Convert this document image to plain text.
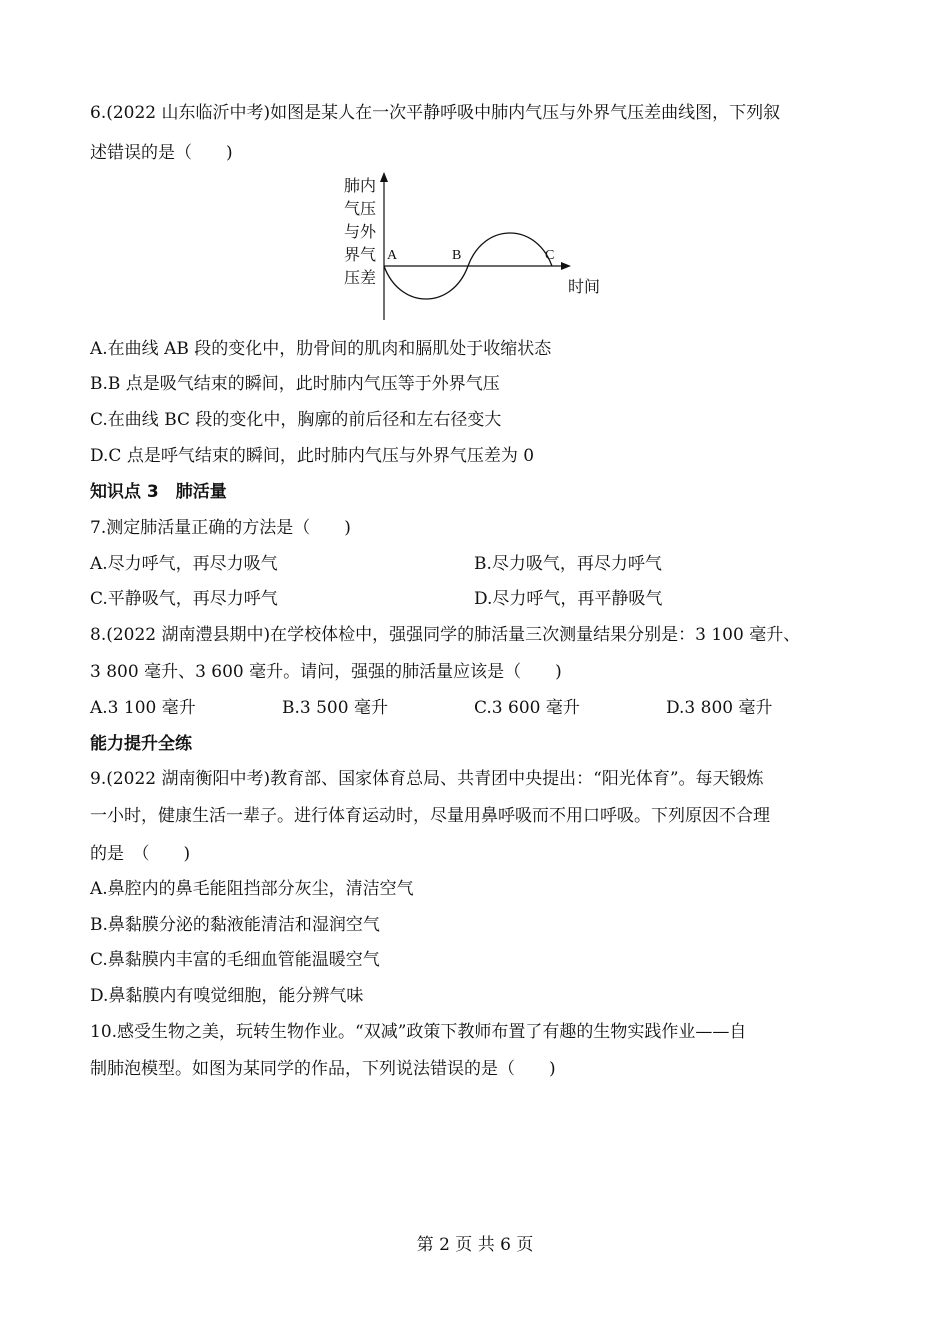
6.(2022 山东临沂中考)如图是某人在一次平静呼吸中肺内气压与外界气压差曲线图，下列叙
述错误的是（　　)
肺内
气压
与外
界气
压差
A	B	C
时间
A.在曲线 AB 段的变化中，肋骨间的肌肉和膈肌处于收缩状态
B.B 点是吸气结束的瞬间，此时肺内气压等于外界气压
C.在曲线 BC 段的变化中，胸廓的前后径和左右径变大
D.C 点是呼气结束的瞬间，此时肺内气压与外界气压差为 0
知识点 3　肺活量
7.测定肺活量正确的方法是（　　)
A.尽力呼气，再尽力吸气	B.尽力吸气，再尽力呼气
C.平静吸气，再尽力呼气	D.尽力呼气，再平静吸气
8.(2022 湖南澧县期中)在学校体检中，强强同学的肺活量三次测量结果分别是：3 100 毫升、
3 800 毫升、3 600 毫升。请问，强强的肺活量应该是（　　)
A.3 100 毫升	B.3 500 毫升	C.3 600 毫升	D.3 800 毫升
能力提升全练
9.(2022 湖南衡阳中考)教育部、国家体育总局、共青团中央提出：“阳光体育”。每天锻炼
一小时，健康生活一辈子。进行体育运动时，尽量用鼻呼吸而不用口呼吸。下列原因不合理
的是　（　　)
A.鼻腔内的鼻毛能阻挡部分灰尘，清洁空气
B.鼻黏膜分泌的黏液能清洁和湿润空气
C.鼻黏膜内丰富的毛细血管能温暖空气
D.鼻黏膜内有嗅觉细胞，能分辨气味
10.感受生物之美，玩转生物作业。“双减”政策下教师布置了有趣的生物实践作业——自
制肺泡模型。如图为某同学的作品，下列说法错误的是（　　)
第 2 页 共 6 页
